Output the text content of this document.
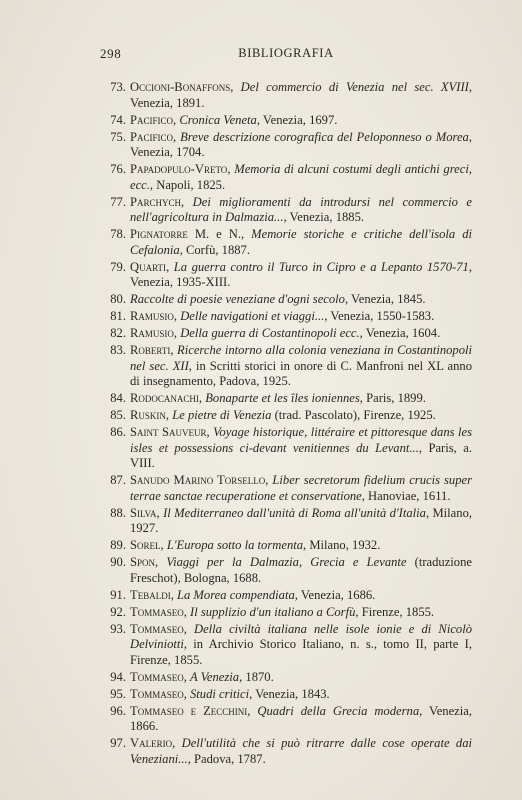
298	BIBLIOGRAFIA
73. Occioni-Bonaffons, Del commercio di Venezia nel sec. XVIII, Venezia, 1891.
74. Pacifico, Cronica Veneta, Venezia, 1697.
75. Pacifico, Breve descrizione corografica del Peloponneso o Morea, Venezia, 1704.
76. Papadopulo-Vreto, Memoria di alcuni costumi degli antichi greci, ecc., Napoli, 1825.
77. Parchych, Dei miglioramenti da introdursi nel commercio e nell'agricoltura in Dalmazia..., Venezia, 1885.
78. Pignatorre M. e N., Memorie storiche e critiche dell'isola di Cefalonia, Corfù, 1887.
79. Quarti, La guerra contro il Turco in Cipro e a Lepanto 1570-71, Venezia, 1935-XIII.
80. Raccolte di poesie veneziane d'ogni secolo, Venezia, 1845.
81. Ramusio, Delle navigationi et viaggi..., Venezia, 1550-1583.
82. Ramusio, Della guerra di Costantinopoli ecc., Venezia, 1604.
83. Roberti, Ricerche intorno alla colonia veneziana in Costantinopoli nel sec. XII, in Scritti storici in onore di C. Manfroni nel XL anno di insegnamento, Padova, 1925.
84. Rodocanachi, Bonaparte et les îles ioniennes, Paris, 1899.
85. Ruskin, Le pietre di Venezia (trad. Pascolato), Firenze, 1925.
86. Saint Sauveur, Voyage historique, littéraire et pittoresque dans les isles et possessions ci-devant venitiennes du Levant..., Paris, a. VIII.
87. Sanudo Marino Torsello, Liber secretorum fidelium crucis super terrae sanctae recuperatione et conservatione, Hanoviae, 1611.
88. Silva, Il Mediterraneo dall'unità di Roma all'unità d'Italia, Milano, 1927.
89. Sorel, L'Europa sotto la tormenta, Milano, 1932.
90. Spon, Viaggi per la Dalmazia, Grecia e Levante (traduzione Freschot), Bologna, 1688.
91. Tebaldi, La Morea compendiata, Venezia, 1686.
92. Tommaseo, Il supplizio d'un italiano a Corfù, Firenze, 1855.
93. Tommaseo, Della civiltà italiana nelle isole ionie e di Nicolò Delviniotti, in Archivio Storico Italiano, n. s., tomo II, parte I, Firenze, 1855.
94. Tommaseo, A Venezia, 1870.
95. Tommaseo, Studi critici, Venezia, 1843.
96. Tommaseo e Zecchini, Quadri della Grecia moderna, Venezia, 1866.
97. Valerio, Dell'utilità che si può ritrarre dalle cose operate dai Veneziani..., Padova, 1787.
